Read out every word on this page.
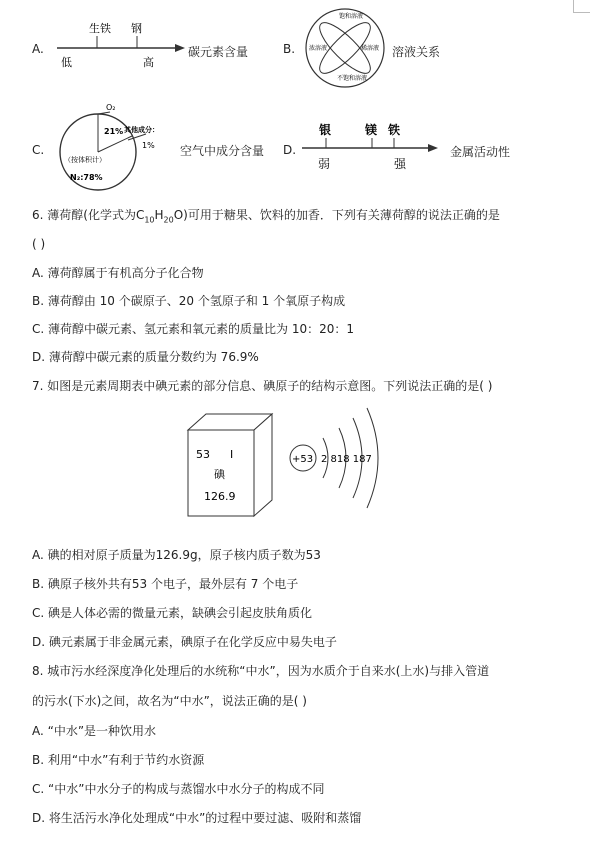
A.
生铁 钢
低	高
碳元素含量	B.
饱和溶液
浓溶液
不饱和溶液
稀溶液 溶液关系
C.
O₂
21% 其他成分：
1%
（按体积计）
N₂:78%
空气中成分含量 D.
银	镁 铁
弱	强
金属活动性
6. 薄荷醇(化学式为$C_{10}H_{20}O$)可用于糖果、饮料的加香．下列有关薄荷醇的说法正确的是
( )
A. 薄荷醇属于有机高分子化合物
B. 薄荷醇由 10 个碳原子、20 个氢原子和 1 个氧原子构成
C. 薄荷醇中碳元素、氢元素和氧元素的质量比为 10：20：1
D. 薄荷醇中碳元素的质量分数约为 76.9%
7. 如图是元素周期表中碘元素的部分信息、碘原子的结构示意图。下列说法正确的是( )
53 I
碘
126.9
+53 2 818 187
A. 碘的相对原子质量为126.9g，原子核内质子数为53
B. 碘原子核外共有53 个电子，最外层有 7 个电子
C. 碘是人体必需的微量元素，缺碘会引起皮肤角质化
D. 碘元素属于非金属元素，碘原子在化学反应中易失电子
8. 城市污水经深度净化处理后的水统称“中水”，因为水质介于自来水(上水)与排入管道
的污水(下水)之间，故名为“中水”，说法正确的是( )
A. “中水”是一种饮用水
B. 利用“中水”有利于节约水资源
C. “中水”中水分子的构成与蒸馏水中水分子的构成不同
D. 将生活污水净化处理成“中水”的过程中要过滤、吸附和蒸馏
